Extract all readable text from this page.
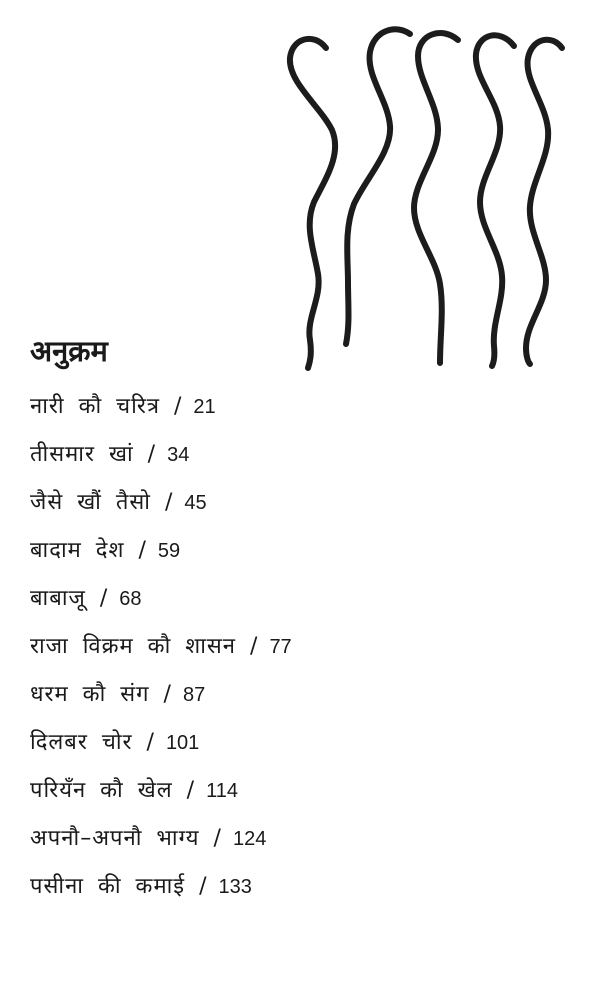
अनुक्रम
नारी कौ चरित्र / 21
तीसमार खां / 34
जैसे खौं तैसो / 45
बादाम देश / 59
बाबाजू / 68
राजा विक्रम कौ शासन / 77
धरम कौ संग / 87
दिलबर चोर / 101
परियँन कौ खेल / 114
अपनौ–अपनौ भाग्य / 124
पसीना की कमाई / 133
